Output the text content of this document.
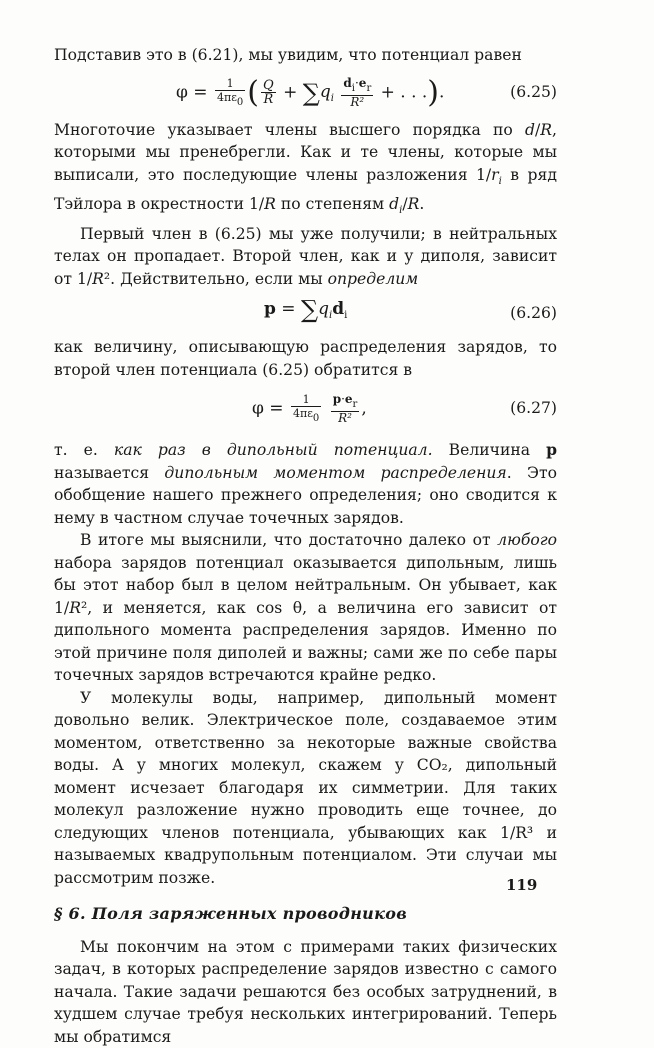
Подставив это в (6.21), мы увидим, что потенциал равен

$\varphi = \frac{1}{4\pi\varepsilon 0}$ ( $\frac{Q}{R} + \sum q_i \frac{d_i\cdot e_r}{\text{R²}}$ + . . .).	(6.25)

Многоточие указывает члены высшего порядка по d/R, которыми мы пренебрегли. Как и те члены, которые мы выписали, это последующие члены разложения $1/r_i$ в ряд Тэйлора в окрестности 1/R по степеням $d_i/R$.

Первый член в (6.25) мы уже получили; в нейтральных телах он пропадает. Второй член, как и у диполя, зависит от 1/R². Действительно, если мы определим

$p = \sum q_id_i$	(6.26)

как величину, описывающую распределения зарядов, то второй член потенциала (6.25) обратится в

$\varphi = \frac{1}{4\pi\varepsilon 0}$
$\frac{p\cdot e_r}{\text{R²}}$ ,	(6.27)

т. е. как раз в дипольный потенциал. Величина p называется дипольным моментом распределения. Это обобщение нашего прежнего определения; оно сводится к нему в частном случае точечных зарядов.

В итоге мы выяснили, что достаточно далеко от любого набора зарядов потенциал оказывается дипольным, лишь бы этот набор был в целом нейтральным. Он убывает, как 1/R², и меняется, как cos θ, а величина его зависит от дипольного момента распределения зарядов. Именно по этой причине поля диполей и важны; сами же по себе пары точечных зарядов встречаются крайне редко.

У молекулы воды, например, дипольный момент довольно велик. Электрическое поле, создаваемое этим моментом, ответственно за некоторые важные свойства воды. А у многих молекул, скажем у CO₂, дипольный момент исчезает благодаря их симметрии. Для таких молекул разложение нужно проводить еще точнее, до следующих членов потенциала, убывающих как 1/R³ и называемых квадрупольным потенциалом. Эти случаи мы рассмотрим позже.

§ 6. Поля заряженных проводников

Мы покончим на этом с примерами таких физических задач, в которых распределение зарядов известно с самого начала. Такие задачи решаются без особых затруднений, в худшем случае требуя нескольких интегрирований. Теперь мы обратимся

119
